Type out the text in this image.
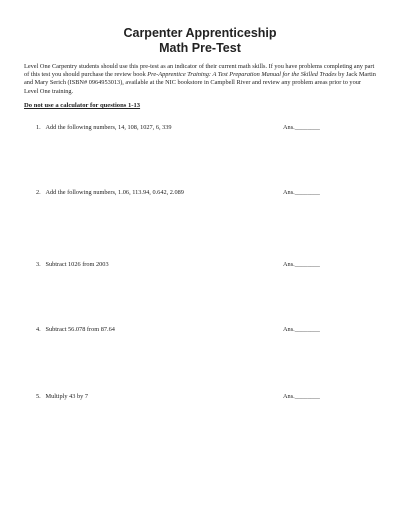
Carpenter Apprenticeship
Math Pre-Test
Level One Carpentry students should use this pre-test as an indicator of their current math skills. If you have problems completing any part of this test you should purchase the review book Pre-Apprentice Training: A Test Preparation Manual for the Skilled Trades by Jack Martin and Mary Serich (ISBN# 0964953013), available at the NIC bookstore in Campbell River and review any problem areas prior to your Level One training.
Do not use a calculator for questions 1-13
1. Add the following numbers, 14, 108, 1027, 6, 339	Ans.________
2. Add the following numbers, 1.06, 113.94, 0.642, 2.089	Ans.________
3. Subtract 1026 from 2003	Ans.________
4. Subtract 56.078 from 87.64	Ans.________
5. Multiply 43 by 7	Ans.________
